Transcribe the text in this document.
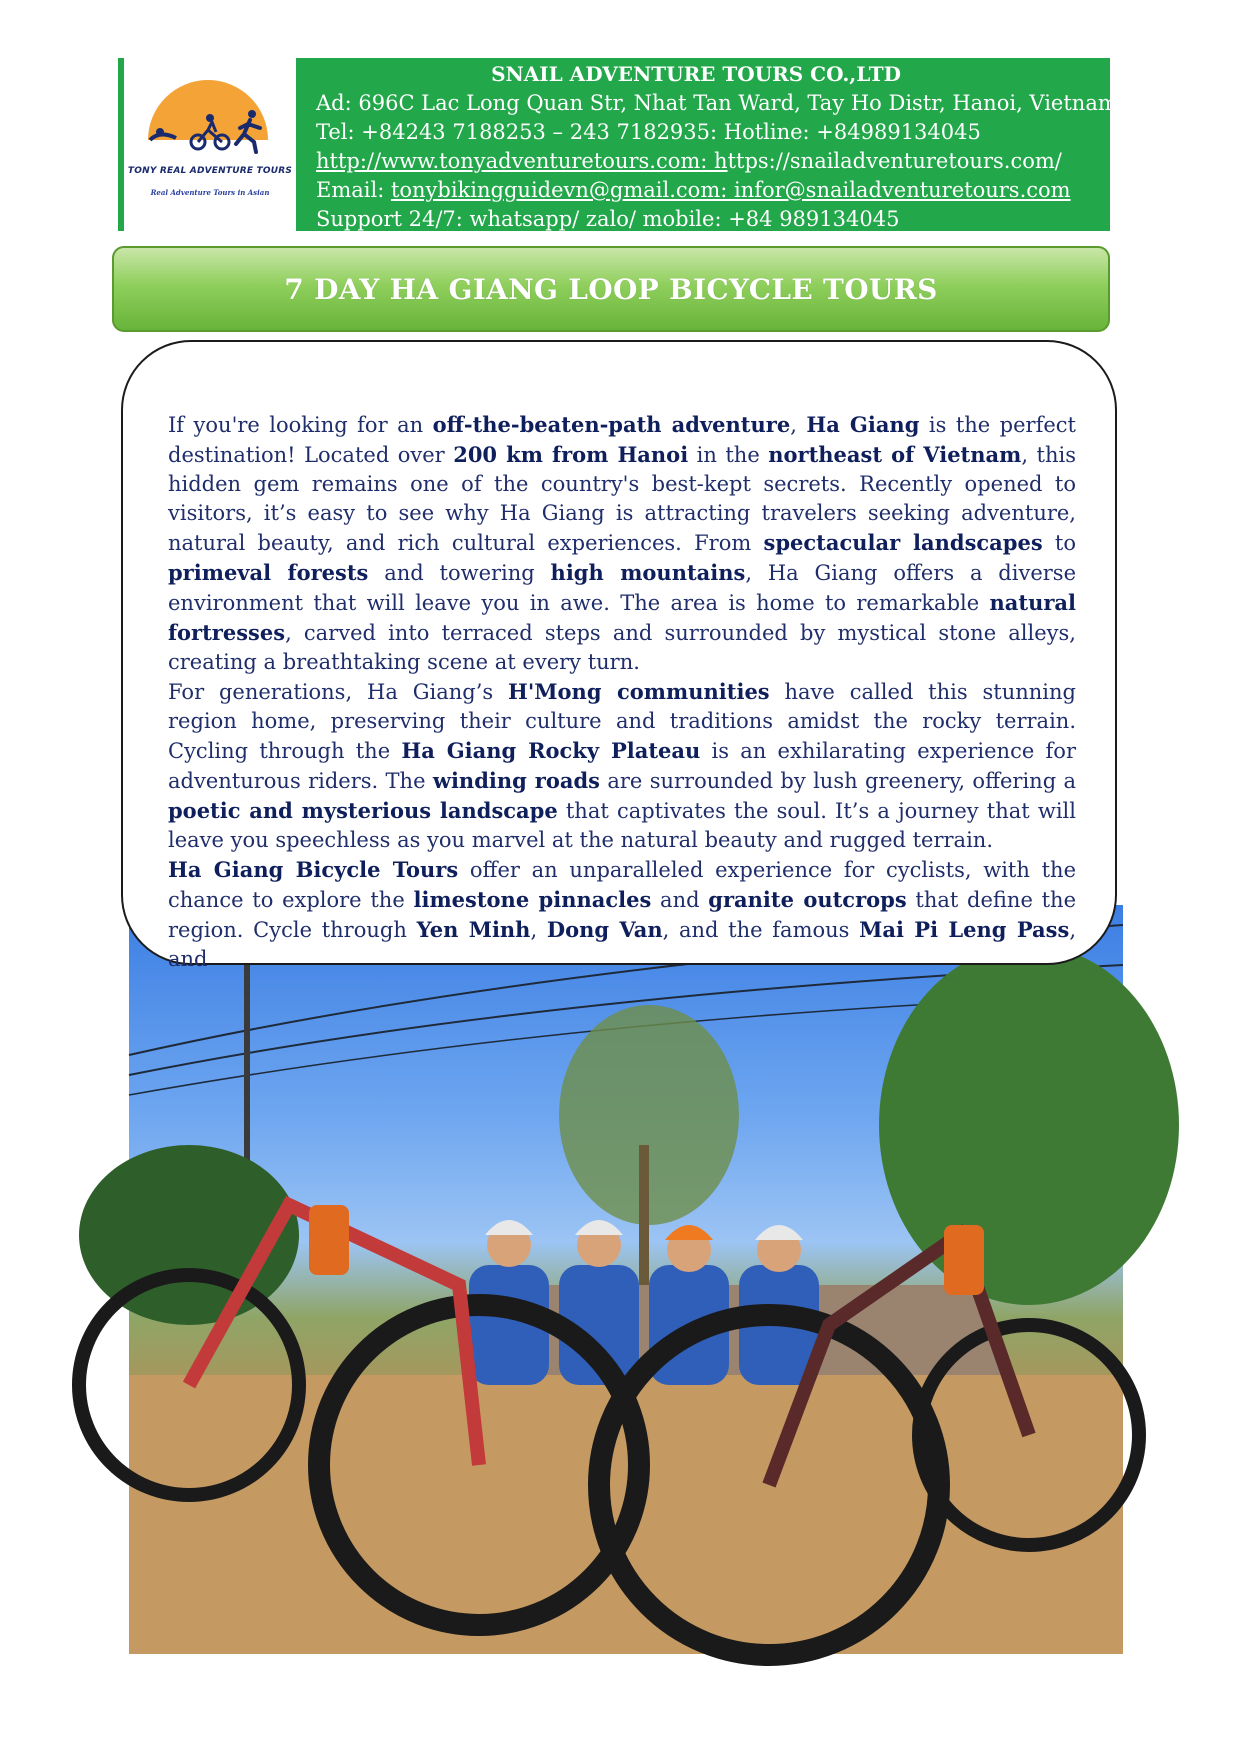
TONY REAL ADVENTURE TOURS
Real Adventure Tours in Asian
SNAIL ADVENTURE TOURS CO.,LTD
Ad: 696C Lac Long Quan Str, Nhat Tan Ward, Tay Ho Distr, Hanoi, Vietnam
Tel: +84243 7188253 – 243 7182935: Hotline: +84989134045
http://www.tonyadventuretours.com: https://snailadventuretours.com/
Email: tonybikingguidevn@gmail.com: infor@snailadventuretours.com
Support 24/7: whatsapp/ zalo/ mobile: +84 989134045
7 DAY HA GIANG LOOP BICYCLE TOURS

If you're looking for an off-the-beaten-path adventure, Ha Giang is the perfect destination! Located over 200 km from Hanoi in the northeast of Vietnam, this hidden gem remains one of the country's best-kept secrets. Recently opened to visitors, it’s easy to see why Ha Giang is attracting travelers seeking adventure, natural beauty, and rich cultural experiences. From spectacular landscapes to primeval forests and towering high mountains, Ha Giang offers a diverse environment that will leave you in awe. The area is home to remarkable natural fortresses, carved into terraced steps and surrounded by mystical stone alleys, creating a breathtaking scene at every turn.

For generations, Ha Giang’s H'Mong communities have called this stunning region home, preserving their culture and traditions amidst the rocky terrain. Cycling through the Ha Giang Rocky Plateau is an exhilarating experience for adventurous riders. The winding roads are surrounded by lush greenery, offering a poetic and mysterious landscape that captivates the soul. It’s a journey that will leave you speechless as you marvel at the natural beauty and rugged terrain.

Ha Giang Bicycle Tours offer an unparalleled experience for cyclists, with the chance to explore the limestone pinnacles and granite outcrops that define the region. Cycle through Yen Minh, Dong Van, and the famous Mai Pi Leng Pass, and
